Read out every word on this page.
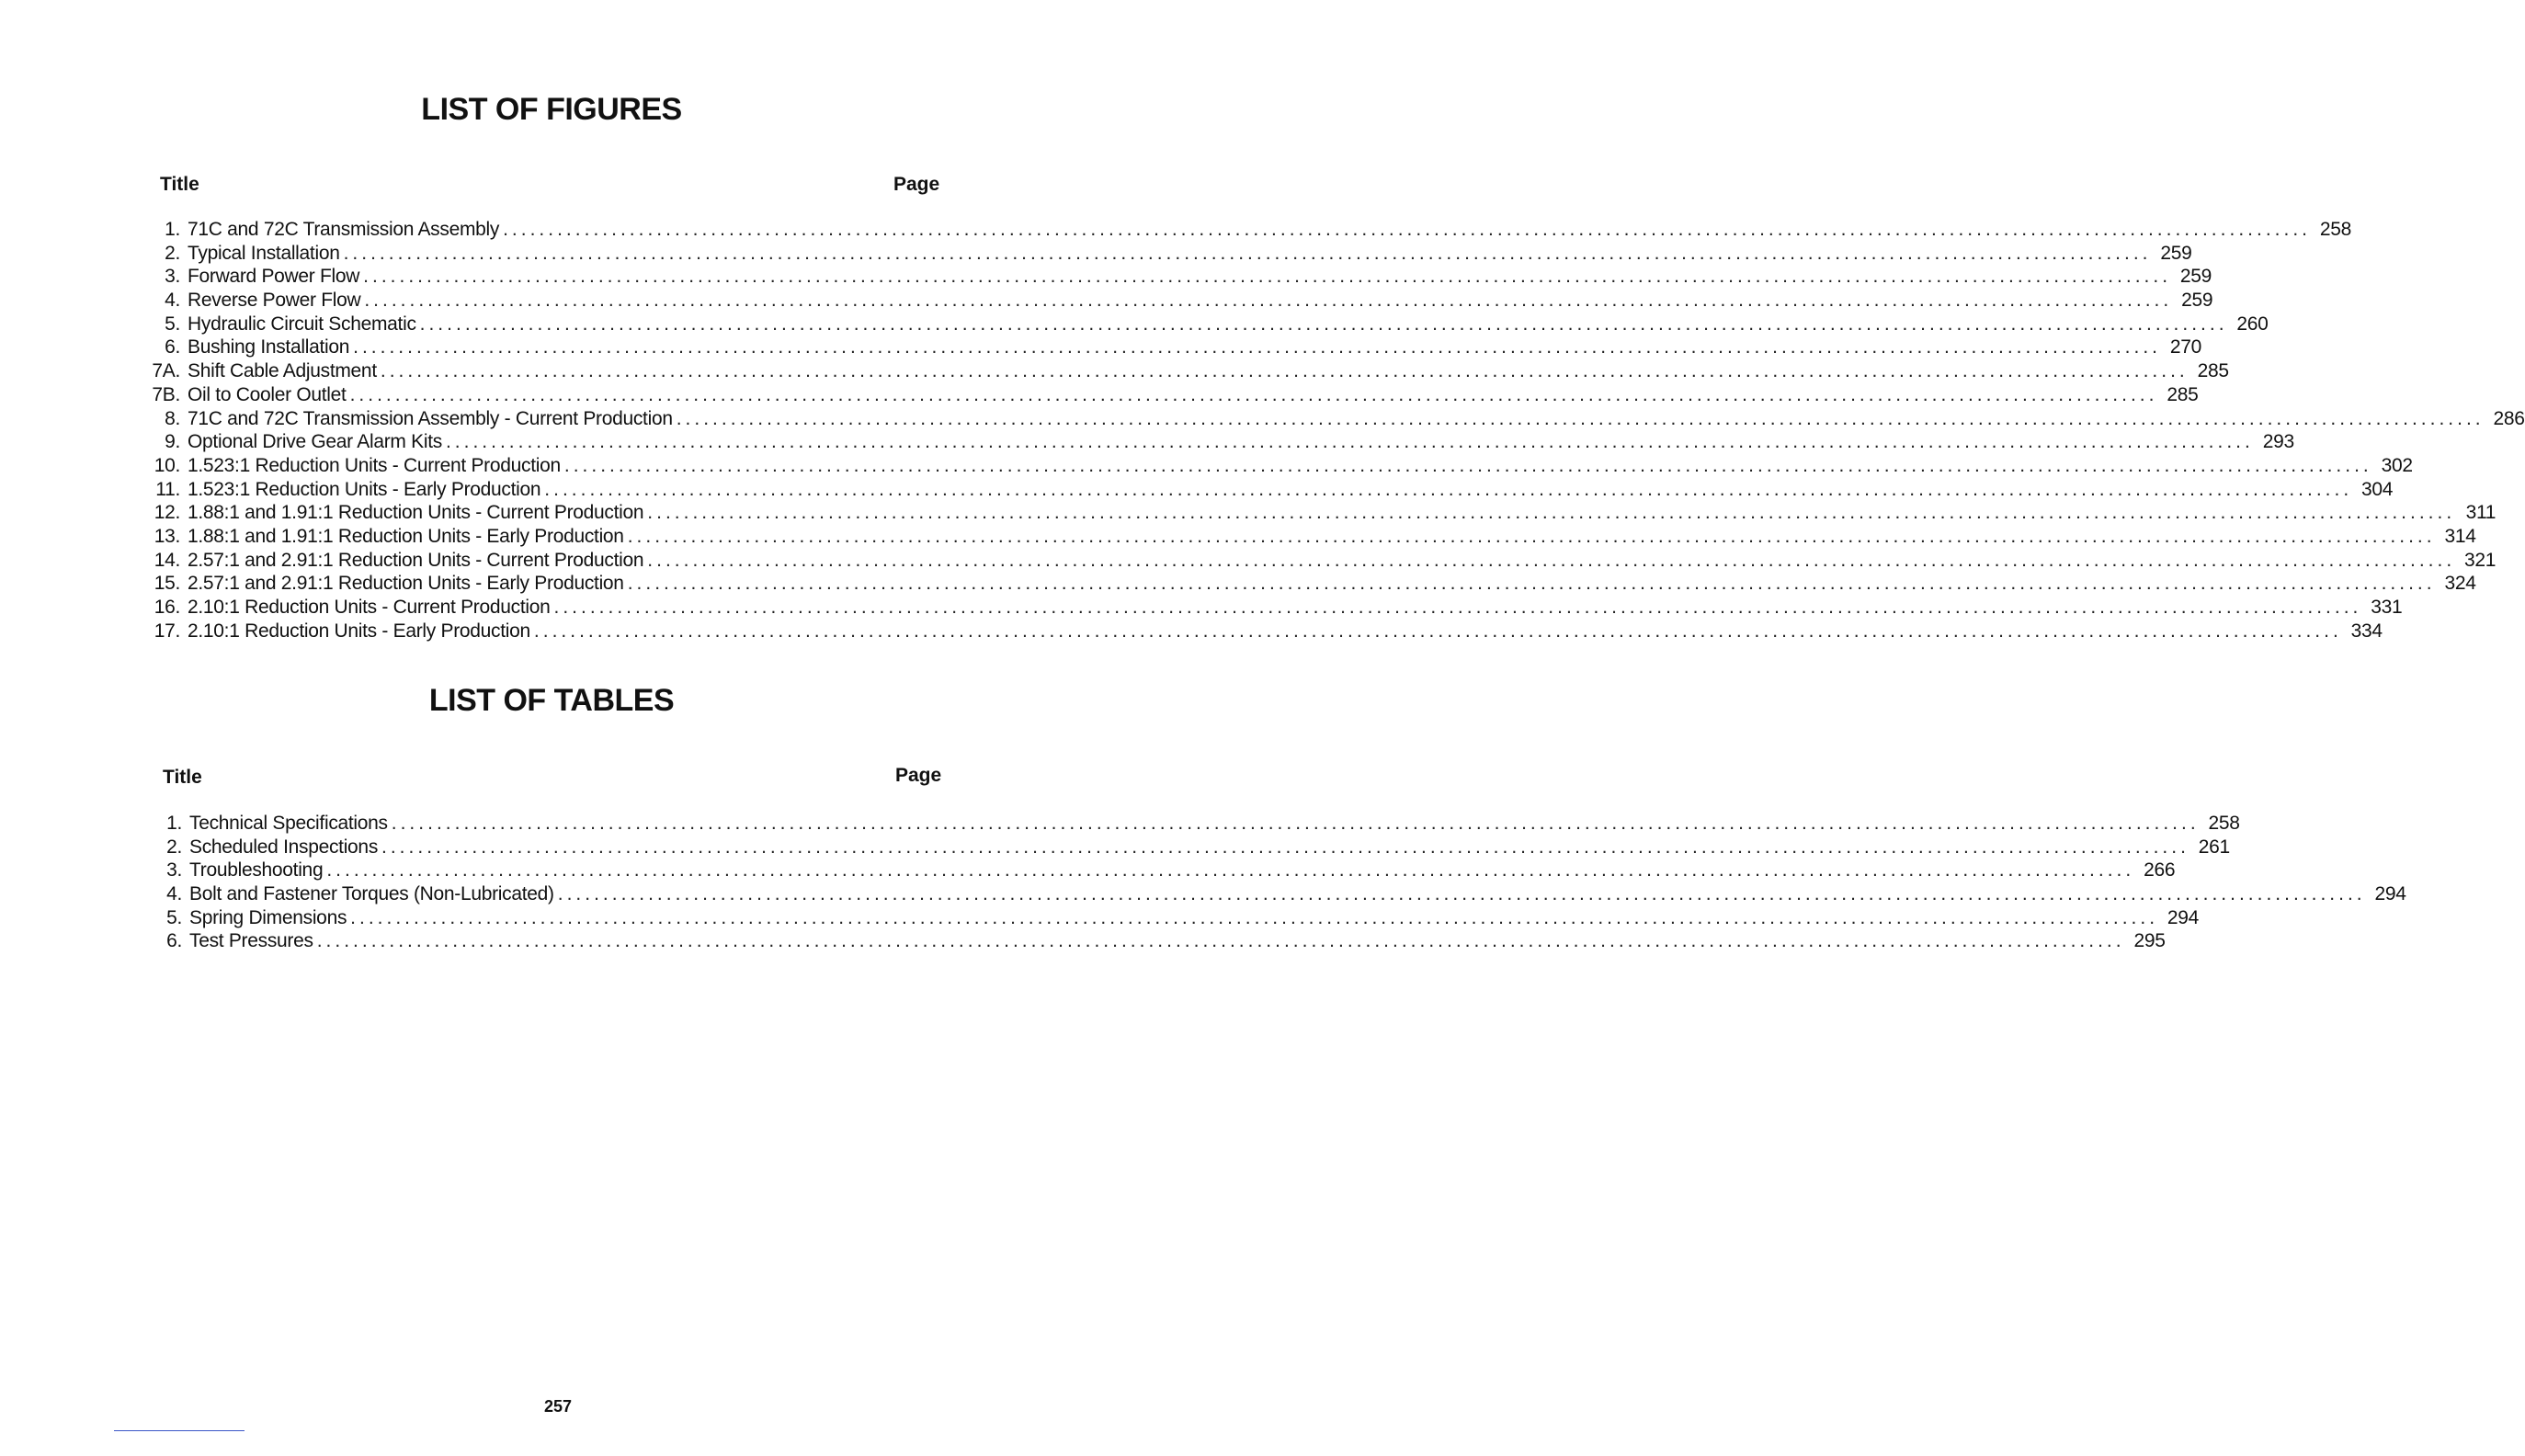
LIST OF FIGURES
Title	Page
1. 71C and 72C Transmission Assembly ........................................................................................................................................................................................................ 258
2. Typical Installation ........................................................................................................................................................................................................ 259
3. Forward Power Flow ........................................................................................................................................................................................................ 259
4. Reverse Power Flow ........................................................................................................................................................................................................ 259
5. Hydraulic Circuit Schematic ........................................................................................................................................................................................................ 260
6. Bushing Installation ........................................................................................................................................................................................................ 270
7A. Shift Cable Adjustment ........................................................................................................................................................................................................ 285
7B. Oil to Cooler Outlet ........................................................................................................................................................................................................ 285
8. 71C and 72C Transmission Assembly - Current Production ........................................................................................................................................................................................................ 286
9. Optional Drive Gear Alarm Kits ........................................................................................................................................................................................................ 293
10. 1.523:1 Reduction Units - Current Production ........................................................................................................................................................................................................ 302
11. 1.523:1 Reduction Units - Early Production ........................................................................................................................................................................................................ 304
12. 1.88:1 and 1.91:1 Reduction Units - Current Production ........................................................................................................................................................................................................ 311
13. 1.88:1 and 1.91:1 Reduction Units - Early Production ........................................................................................................................................................................................................ 314
14. 2.57:1 and 2.91:1 Reduction Units - Current Production ........................................................................................................................................................................................................ 321
15. 2.57:1 and 2.91:1 Reduction Units - Early Production ........................................................................................................................................................................................................ 324
16. 2.10:1 Reduction Units - Current Production ........................................................................................................................................................................................................ 331
17. 2.10:1 Reduction Units - Early Production ........................................................................................................................................................................................................ 334
LIST OF TABLES
Title	Page
1. Technical Specifications ........................................................................................................................................................................................................ 258
2. Scheduled Inspections ........................................................................................................................................................................................................ 261
3. Troubleshooting ........................................................................................................................................................................................................ 266
4. Bolt and Fastener Torques (Non-Lubricated) ........................................................................................................................................................................................................ 294
5. Spring Dimensions ........................................................................................................................................................................................................ 294
6. Test Pressures ........................................................................................................................................................................................................ 295
257
